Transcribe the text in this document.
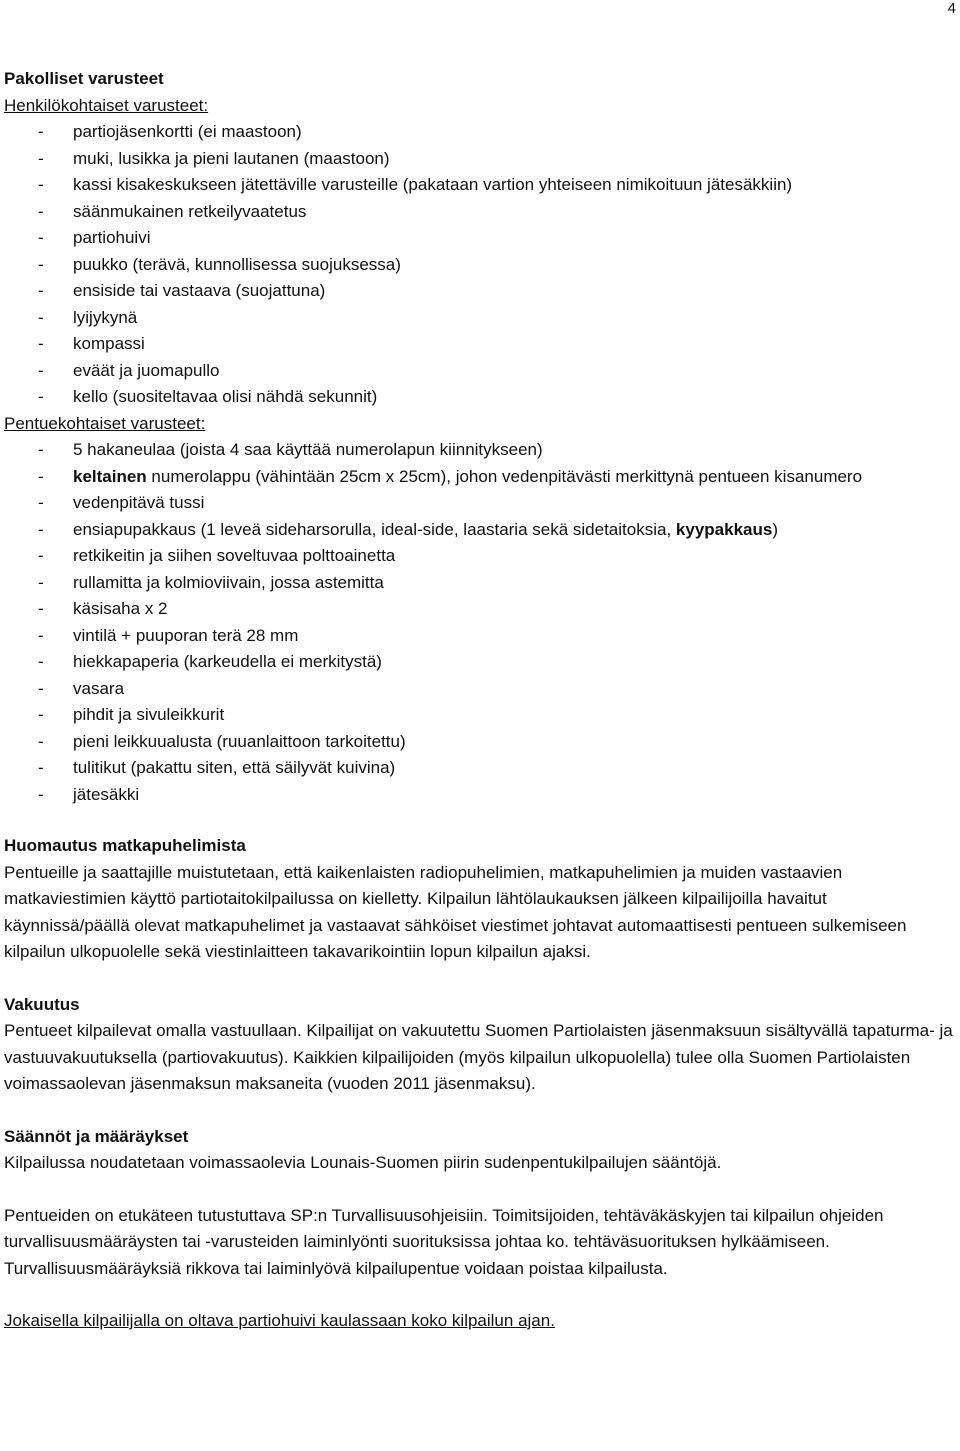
4
Pakolliset varusteet
Henkilökohtaiset varusteet:
- partiojäsenkortti (ei maastoon)
- muki, lusikka ja pieni lautanen (maastoon)
- kassi kisakeskukseen jätettäville varusteille (pakataan vartion yhteiseen nimikoituun jätesäkkiin)
- säänmukainen retkeilyvaatetus
- partiohuivi
- puukko (terävä, kunnollisessa suojuksessa)
- ensiside tai vastaava (suojattuna)
- lyijykynä
- kompassi
- eväät ja juomapullo
- kello (suositeltavaa olisi nähdä sekunnit)
Pentuekohtaiset varusteet:
- 5 hakaneulaa (joista 4 saa käyttää numerolapun kiinnitykseen)
- keltainen numerolappu (vähintään 25cm x 25cm), johon vedenpitävästi merkittynä pentueen kisanumero
- vedenpitävä tussi
- ensiapupakkaus (1 leveä sideharsorulla, ideal-side, laastaria sekä sidetaitoksia, kyypakkaus)
- retkikeitin ja siihen soveltuvaa polttoainetta
- rullamitta ja kolmioviivain, jossa astemitta
- käsisaha x 2
- vintilä + puuporan terä 28 mm
- hiekkapaperia (karkeudella ei merkitystä)
- vasara
- pihdit ja sivuleikkurit
- pieni leikkuualusta (ruuanlaittoon tarkoitettu)
- tulitikut (pakattu siten, että säilyvät kuivina)
- jätesäkki
Huomautus matkapuhelimista

Pentueille ja saattajille muistutetaan, että kaikenlaisten radiopuhelimien, matkapuhelimien ja muiden vastaavien matkaviestimien käyttö partiotaitokilpailussa on kielletty. Kilpailun lähtölaukauksen jälkeen kilpailijoilla havaitut käynnissä/päällä olevat matkapuhelimet ja vastaavat sähköiset viestimet johtavat automaattisesti pentueen sulkemiseen kilpailun ulkopuolelle sekä viestinlaitteen takavarikointiin lopun kilpailun ajaksi.

Vakuutus

Pentueet kilpailevat omalla vastuullaan. Kilpailijat on vakuutettu Suomen Partiolaisten jäsenmaksuun sisältyvällä tapaturma- ja vastuuvakuutuksella (partiovakuutus). Kaikkien kilpailijoiden (myös kilpailun ulkopuolella) tulee olla Suomen Partiolaisten voimassaolevan jäsenmaksun maksaneita (vuoden 2011 jäsenmaksu).

Säännöt ja määräykset

Kilpailussa noudatetaan voimassaolevia Lounais-Suomen piirin sudenpentukilpailujen sääntöjä.

Pentueiden on etukäteen tutustuttava SP:n Turvallisuusohjeisiin. Toimitsijoiden, tehtäväkäskyjen tai kilpailun ohjeiden turvallisuusmääräysten tai -varusteiden laiminlyönti suorituksissa johtaa ko. tehtäväsuorituksen hylkäämiseen. Turvallisuusmääräyksiä rikkova tai laiminlyövä kilpailupentue voidaan poistaa kilpailusta.

Jokaisella kilpailijalla on oltava partiohuivi kaulassaan koko kilpailun ajan.
